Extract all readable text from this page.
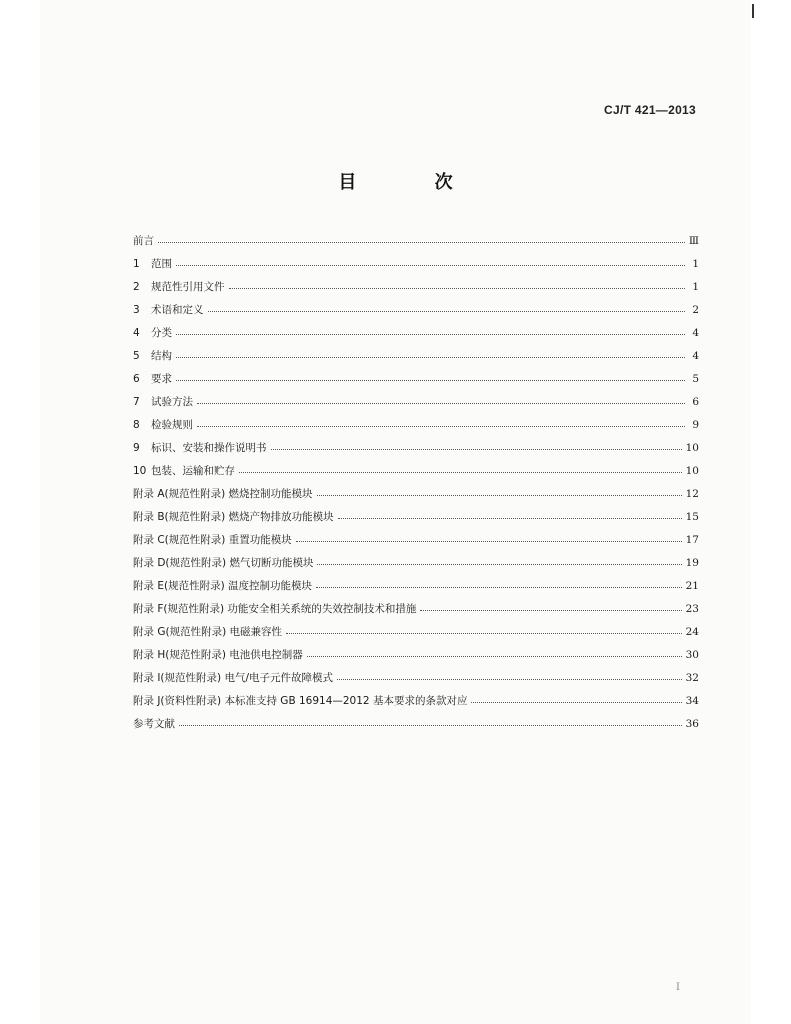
CJ/T 421—2013
目 次
前言	Ⅲ
1	范围	1
2	规范性引用文件	1
3	术语和定义	2
4	分类	4
5	结构	4
6	要求	5
7	试验方法	6
8	检验规则	9
9	标识、安装和操作说明书	10
10 包装、运输和贮存	10
附录 A(规范性附录) 燃烧控制功能模块	12
附录 B(规范性附录) 燃烧产物排放功能模块	15
附录 C(规范性附录) 重置功能模块	17
附录 D(规范性附录) 燃气切断功能模块	19
附录 E(规范性附录) 温度控制功能模块	21
附录 F(规范性附录) 功能安全相关系统的失效控制技术和措施	23
附录 G(规范性附录) 电磁兼容性	24
附录 H(规范性附录) 电池供电控制器	30
附录 I(规范性附录) 电气/电子元件故障模式	32
附录 J(资料性附录) 本标准支持 GB 16914—2012 基本要求的条款对应	34
参考文献	36
I
